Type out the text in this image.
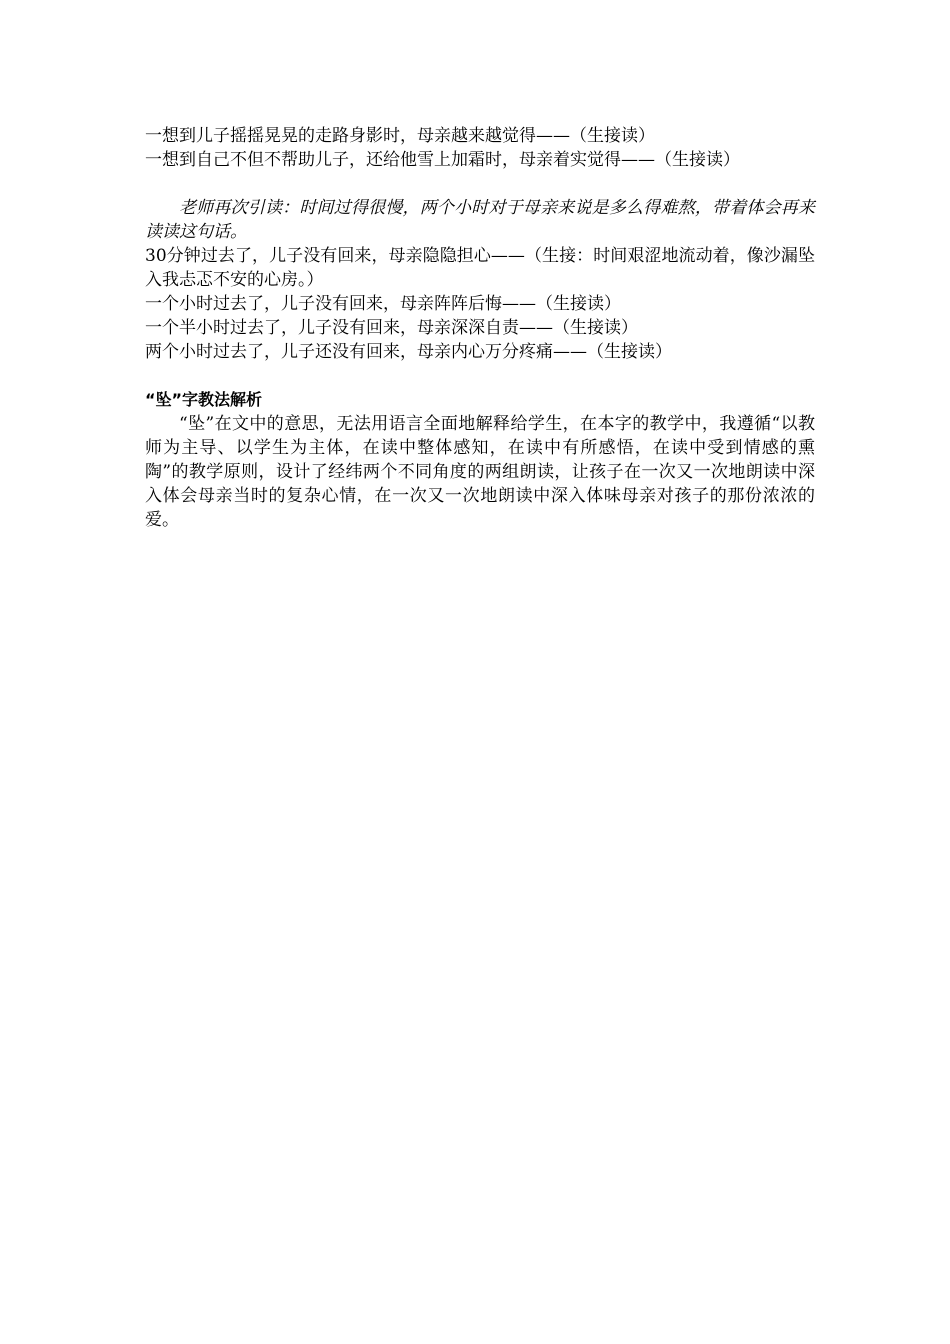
一想到儿子摇摇晃晃的走路身影时，母亲越来越觉得——（生接读）

一想到自己不但不帮助儿子，还给他雪上加霜时，母亲着实觉得——（生接读）

老师再次引读：时间过得很慢，两个小时对于母亲来说是多么得难熬，带着体会再来读读这句话。

30分钟过去了，儿子没有回来，母亲隐隐担心——（生接：时间艰涩地流动着，像沙漏坠入我忐忑不安的心房。）

一个小时过去了，儿子没有回来，母亲阵阵后悔——（生接读）

一个半小时过去了，儿子没有回来，母亲深深自责——（生接读）

两个小时过去了，儿子还没有回来，母亲内心万分疼痛——（生接读）

“坠”字教法解析

“坠”在文中的意思，无法用语言全面地解释给学生，在本字的教学中，我遵循“以教师为主导、以学生为主体，在读中整体感知，在读中有所感悟，在读中受到情感的熏陶”的教学原则，设计了经纬两个不同角度的两组朗读，让孩子在一次又一次地朗读中深入体会母亲当时的复杂心情，在一次又一次地朗读中深入体味母亲对孩子的那份浓浓的爱。
